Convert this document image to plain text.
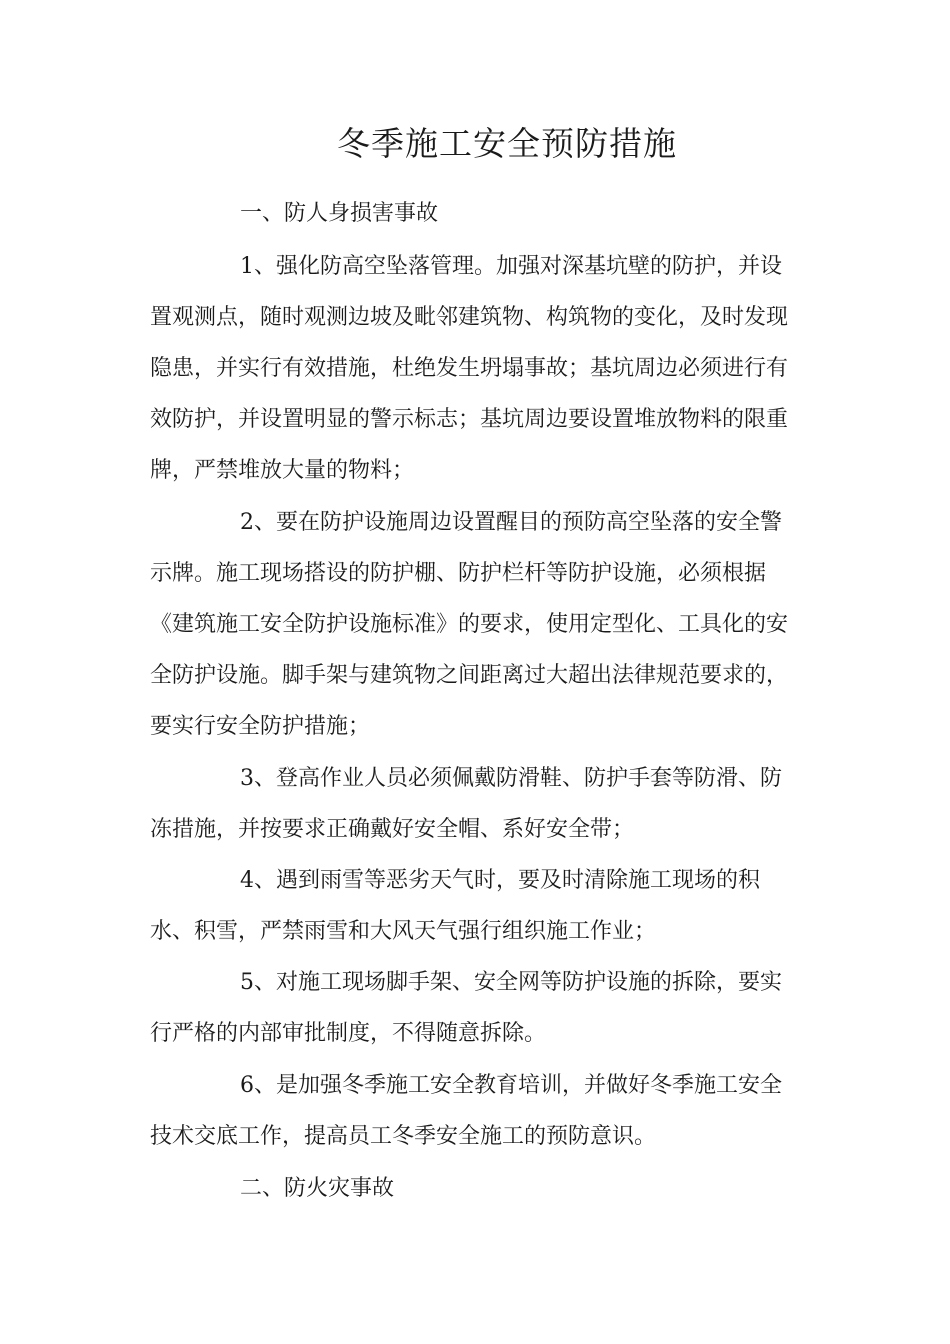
冬季施工安全预防措施
一、防人身损害事故
1、强化防高空坠落管理。加强对深基坑壁的防护，并设
置观测点，随时观测边坡及毗邻建筑物、构筑物的变化，及时发现
隐患，并实行有效措施，杜绝发生坍塌事故；基坑周边必须进行有
效防护，并设置明显的警示标志；基坑周边要设置堆放物料的限重
牌，严禁堆放大量的物料；
2、要在防护设施周边设置醒目的预防高空坠落的安全警
示牌。施工现场搭设的防护棚、防护栏杆等防护设施，必须根据
《建筑施工安全防护设施标准》的要求，使用定型化、工具化的安
全防护设施。脚手架与建筑物之间距离过大超出法律规范要求的，
要实行安全防护措施；
3、登高作业人员必须佩戴防滑鞋、防护手套等防滑、防
冻措施，并按要求正确戴好安全帽、系好安全带；
4、遇到雨雪等恶劣天气时，要及时清除施工现场的积
水、积雪，严禁雨雪和大风天气强行组织施工作业；
5、对施工现场脚手架、安全网等防护设施的拆除，要实
行严格的内部审批制度，不得随意拆除。
6、是加强冬季施工安全教育培训，并做好冬季施工安全
技术交底工作，提高员工冬季安全施工的预防意识。
二、防火灾事故
